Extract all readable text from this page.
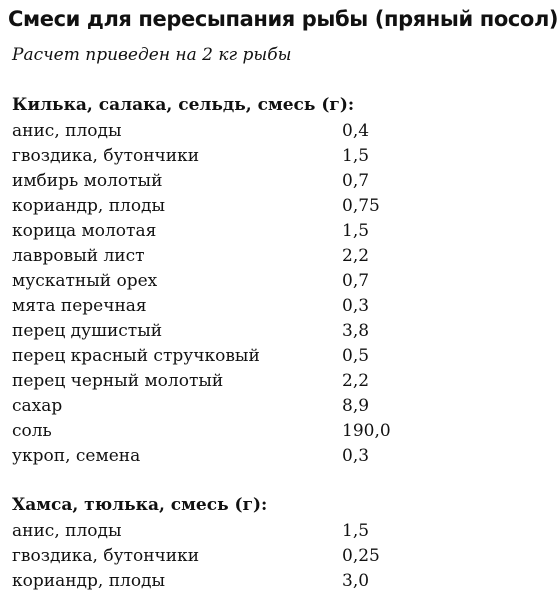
Смеси для пересыпания рыбы (пряный посол)
Расчет приведен на 2 кг рыбы
Килька, салака, сельдь, смесь (г):
анис, плоды	0,4
гвоздика, бутончики	1,5
имбирь молотый	0,7
кориандр, плоды	0,75
корица молотая	1,5
лавровый лист	2,2
мускатный орех	0,7
мята перечная	0,3
перец душистый	3,8
перец красный стручковый	0,5
перец черный молотый	2,2
сахар	8,9
соль	190,0
укроп, семена	0,3
Хамса, тюлька, смесь (г):
анис, плоды	1,5
гвоздика, бутончики	0,25
кориандр, плоды	3,0
